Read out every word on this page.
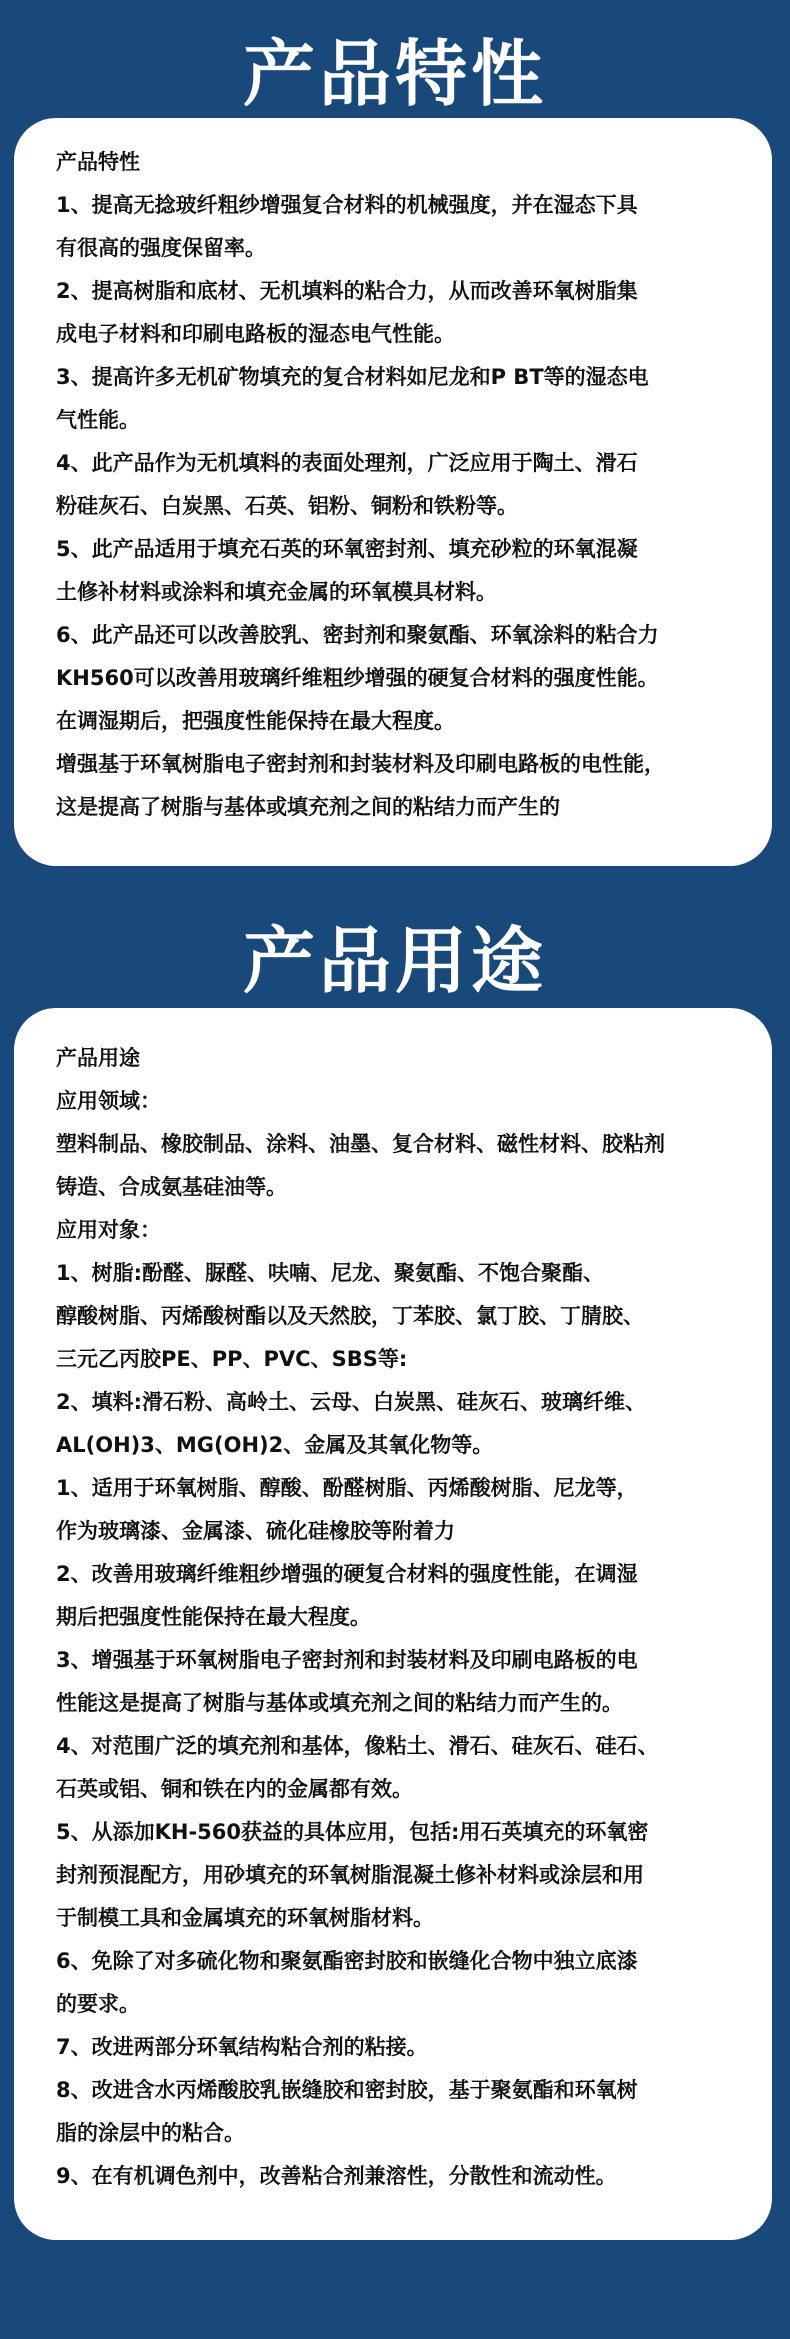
产品特性

产品特性

1、提高无捻玻纤粗纱增强复合材料的机械强度，并在湿态下具

有很高的强度保留率。

2、提高树脂和底材、无机填料的粘合力，从而改善环氧树脂集

成电子材料和印刷电路板的湿态电气性能。

3、提高许多无机矿物填充的复合材料如尼龙和P BT等的湿态电

气性能。

4、此产品作为无机填料的表面处理剂，广泛应用于陶土、滑石

粉硅灰石、白炭黑、石英、铝粉、铜粉和铁粉等。

5、此产品适用于填充石英的环氧密封剂、填充砂粒的环氧混凝

土修补材料或涂料和填充金属的环氧模具材料。

6、此产品还可以改善胶乳、密封剂和聚氨酯、环氧涂料的粘合力

KH560可以改善用玻璃纤维粗纱增强的硬复合材料的强度性能。

在调湿期后，把强度性能保持在最大程度。

增强基于环氧树脂电子密封剂和封装材料及印刷电路板的电性能，

这是提高了树脂与基体或填充剂之间的粘结力而产生的

产品用途

产品用途

应用领域：

塑料制品、橡胶制品、涂料、油墨、复合材料、磁性材料、胶粘剂

铸造、合成氨基硅油等。

应用对象：

1、树脂:酚醛、脲醛、呋喃、尼龙、聚氨酯、不饱合聚酯、

醇酸树脂、丙烯酸树酯以及天然胶，丁苯胶、氯丁胶、丁腈胶、

三元乙丙胶PE、PP、PVC、SBS等:

2、填料:滑石粉、高岭土、云母、白炭黑、硅灰石、玻璃纤维、

AL(OH)3、MG(OH)2、金属及其氧化物等。

1、适用于环氧树脂、醇酸、酚醛树脂、丙烯酸树脂、尼龙等，

作为玻璃漆、金属漆、硫化硅橡胶等附着力

2、改善用玻璃纤维粗纱增强的硬复合材料的强度性能，在调湿

期后把强度性能保持在最大程度。

3、增强基于环氧树脂电子密封剂和封装材料及印刷电路板的电

性能这是提高了树脂与基体或填充剂之间的粘结力而产生的。

4、对范围广泛的填充剂和基体，像粘土、滑石、硅灰石、硅石、

石英或铝、铜和铁在内的金属都有效。

5、从添加KH-560获益的具体应用，包括:用石英填充的环氧密

封剂预混配方，用砂填充的环氧树脂混凝土修补材料或涂层和用

于制模工具和金属填充的环氧树脂材料。

6、免除了对多硫化物和聚氨酯密封胶和嵌缝化合物中独立底漆

的要求。

7、改进两部分环氧结构粘合剂的粘接。

8、改进含水丙烯酸胶乳嵌缝胶和密封胶，基于聚氨酯和环氧树

脂的涂层中的粘合。

9、在有机调色剂中，改善粘合剂兼溶性，分散性和流动性。
